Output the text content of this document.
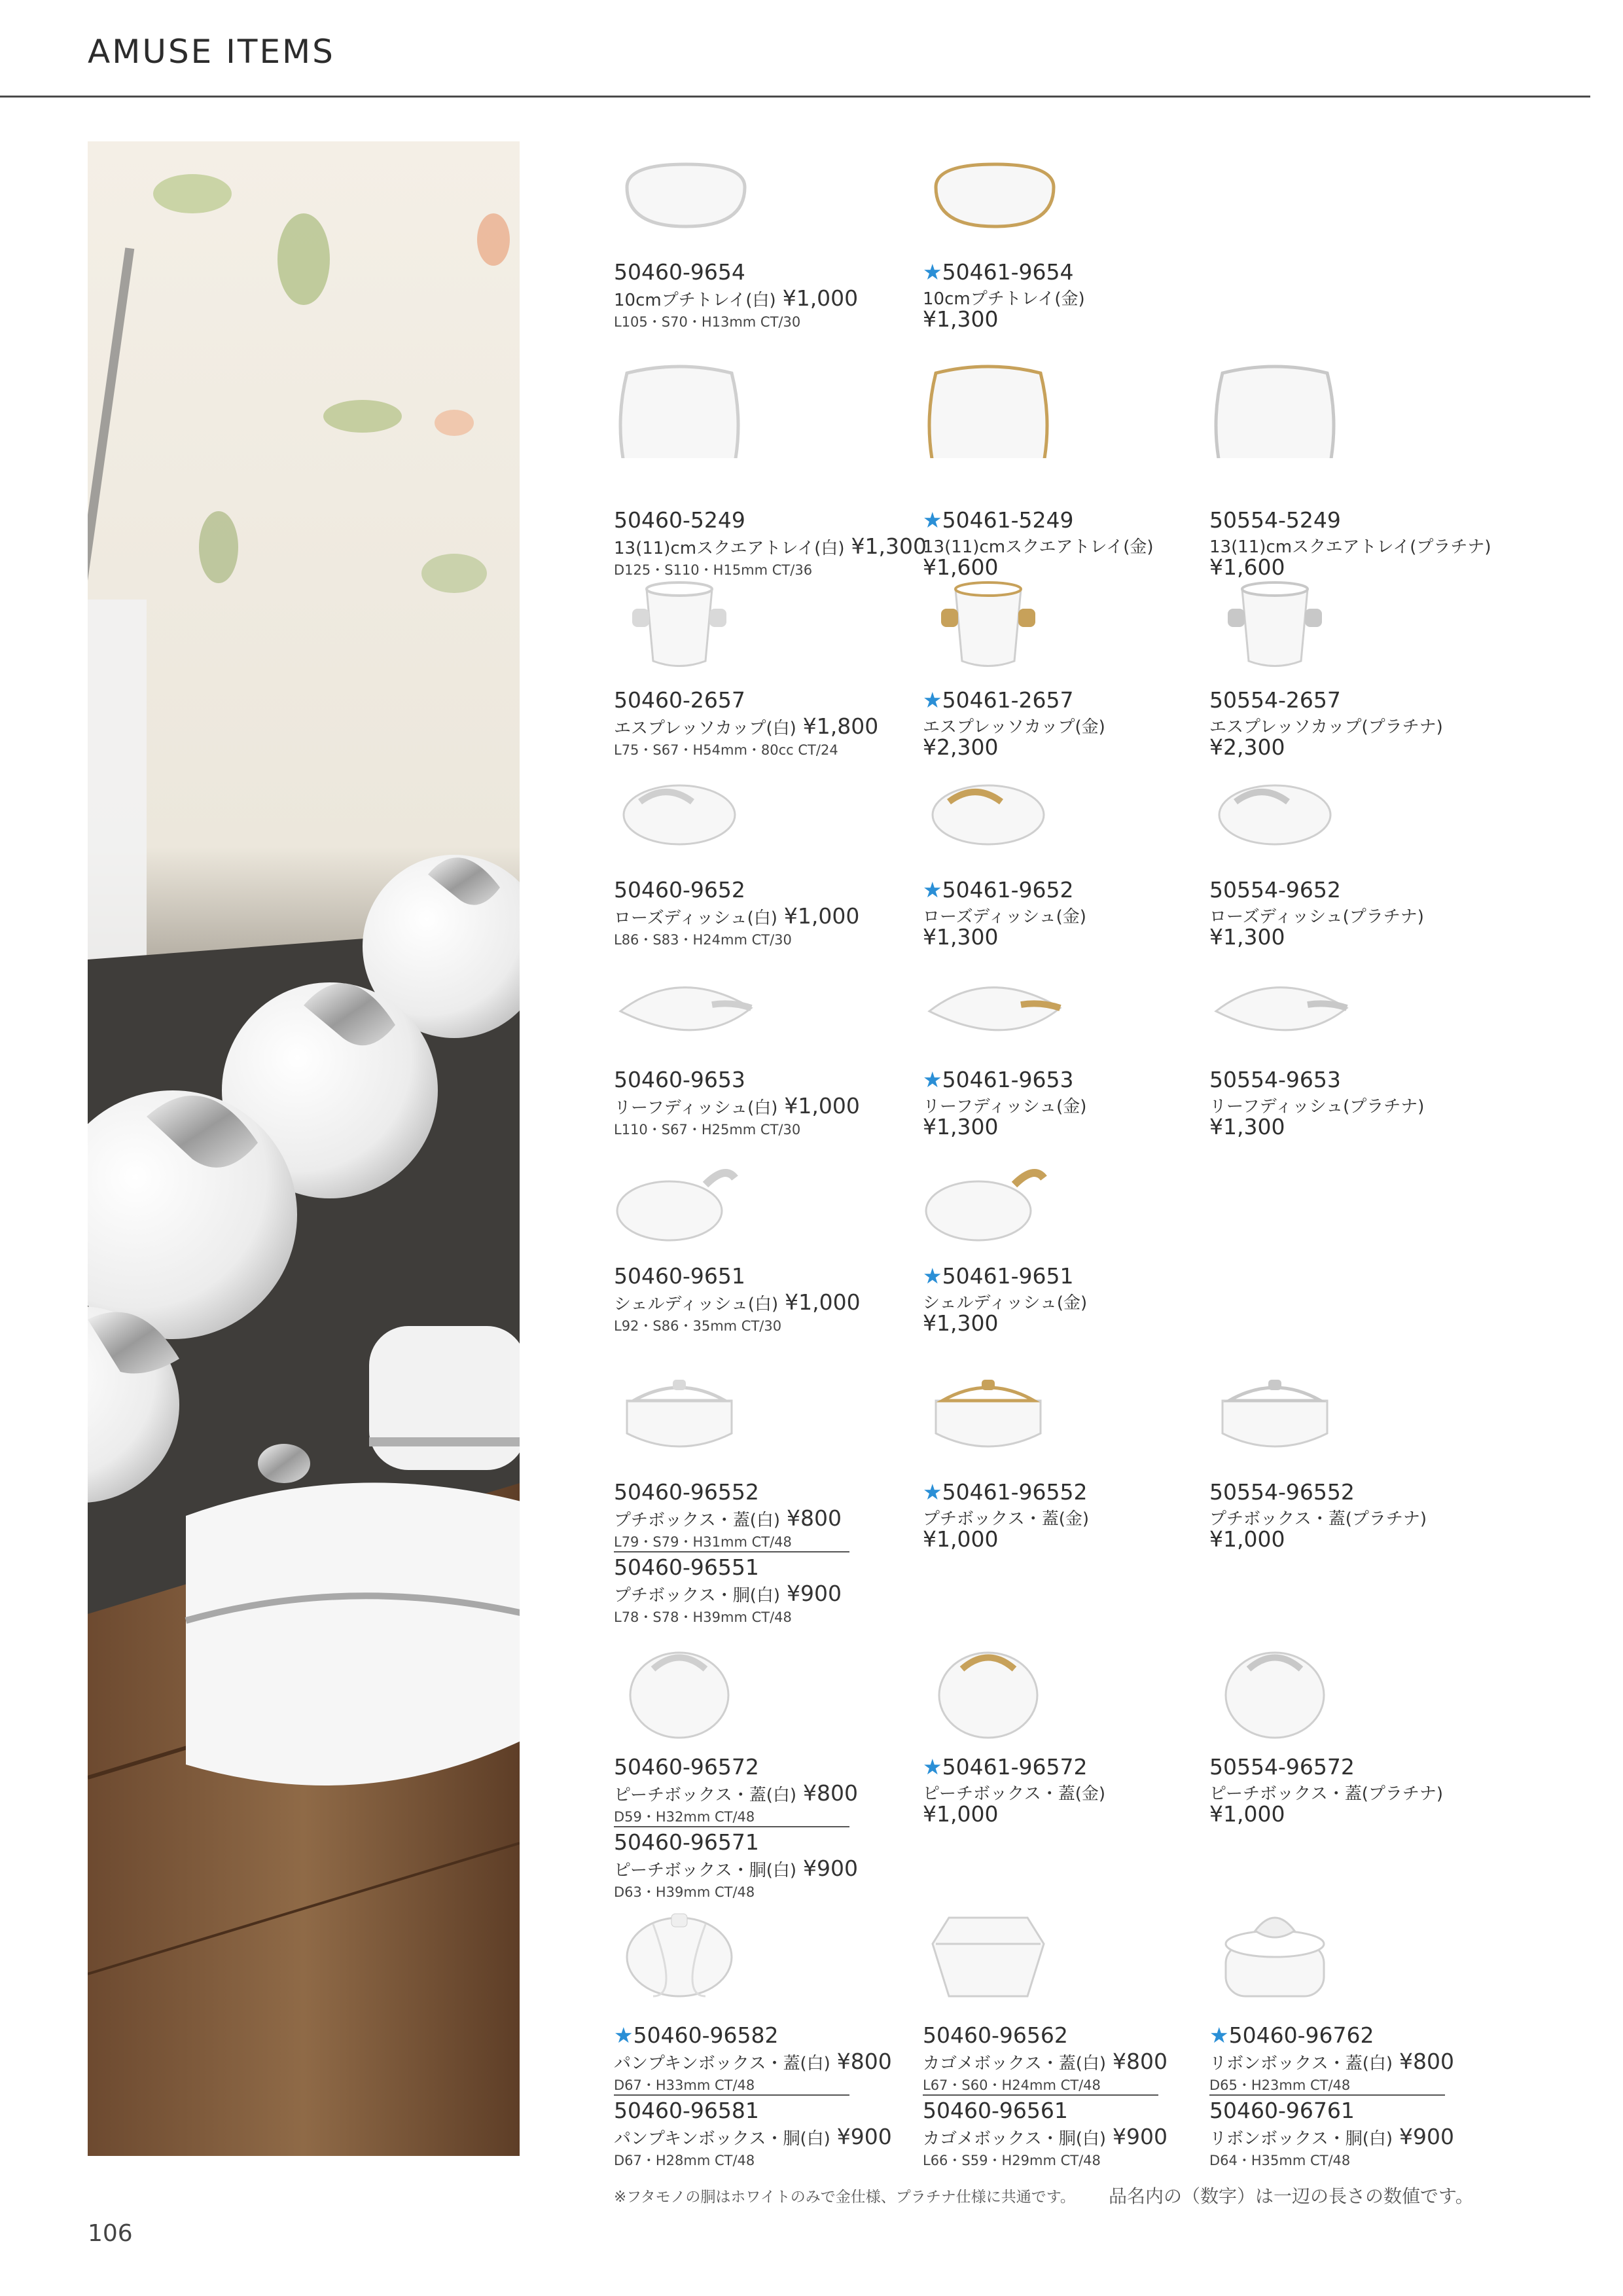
AMUSE ITEMS
50460-9654
10cmプチトレイ(白) ¥1,000
L105・S70・H13mm CT/30
★50461-9654
10cmプチトレイ(金)
¥1,300
50460-5249
13(11)cmスクエアトレイ(白) ¥1,300
D125・S110・H15mm CT/36
★50461-5249
13(11)cmスクエアトレイ(金)
¥1,600
50554-5249
13(11)cmスクエアトレイ(プラチナ)
¥1,600
50460-2657
エスプレッソカップ(白) ¥1,800
L75・S67・H54mm・80cc CT/24
★50461-2657
エスプレッソカップ(金)
¥2,300
50554-2657
エスプレッソカップ(プラチナ)
¥2,300
50460-9652
ローズディッシュ(白) ¥1,000
L86・S83・H24mm CT/30
★50461-9652
ローズディッシュ(金)
¥1,300
50554-9652
ローズディッシュ(プラチナ)
¥1,300
50460-9653
リーフディッシュ(白) ¥1,000
L110・S67・H25mm CT/30
★50461-9653
リーフディッシュ(金)
¥1,300
50554-9653
リーフディッシュ(プラチナ)
¥1,300
50460-9651
シェルディッシュ(白) ¥1,000
L92・S86・35mm CT/30
★50461-9651
シェルディッシュ(金)
¥1,300
50460-96552
プチボックス・蓋(白) ¥800
L79・S79・H31mm CT/48
50460-96551
プチボックス・胴(白) ¥900
L78・S78・H39mm CT/48
★50461-96552
プチボックス・蓋(金)
¥1,000
50554-96552
プチボックス・蓋(プラチナ)
¥1,000
50460-96572
ピーチボックス・蓋(白) ¥800
D59・H32mm CT/48
50460-96571
ピーチボックス・胴(白) ¥900
D63・H39mm CT/48
★50461-96572
ピーチボックス・蓋(金)
¥1,000
50554-96572
ピーチボックス・蓋(プラチナ)
¥1,000
★50460-96582
パンプキンボックス・蓋(白) ¥800
D67・H33mm CT/48
50460-96581
パンプキンボックス・胴(白) ¥900
D67・H28mm CT/48
50460-96562
カゴメボックス・蓋(白) ¥800
L67・S60・H24mm CT/48
50460-96561
カゴメボックス・胴(白) ¥900
L66・S59・H29mm CT/48
★50460-96762
リボンボックス・蓋(白) ¥800
D65・H23mm CT/48
50460-96761
リボンボックス・胴(白) ¥900
D64・H35mm CT/48
※フタモノの胴はホワイトのみで金仕様、プラチナ仕様に共通です。 品名内の（数字）は一辺の長さの数値です。
106
